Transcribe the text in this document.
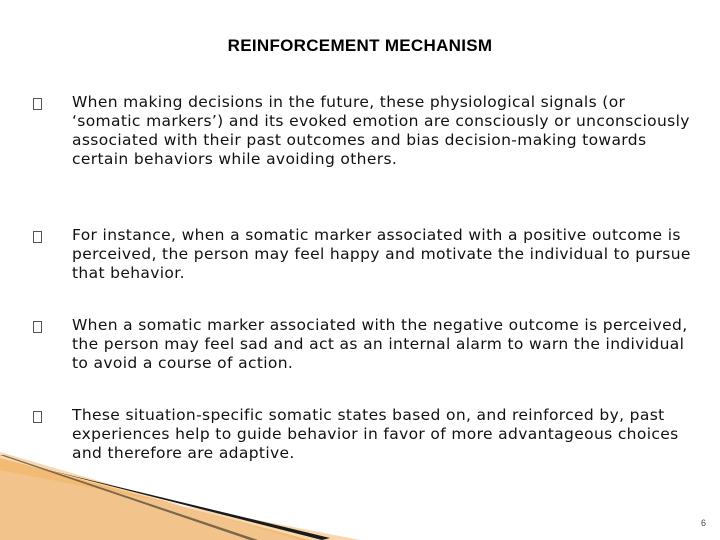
REINFORCEMENT MECHANISM
When making decisions in the future, these physiological signals (or ‘somatic markers’) and its evoked emotion are consciously or unconsciously associated with their past outcomes and bias decision-making towards certain behaviors while avoiding others.
For instance, when a somatic marker associated with a positive outcome is perceived, the person may feel happy and motivate the individual to pursue that behavior.
When a somatic marker associated with the negative outcome is perceived, the person may feel sad and act as an internal alarm to warn the individual to avoid a course of action.
These situation-specific somatic states based on, and reinforced by, past experiences help to guide behavior in favor of more advantageous choices and therefore are adaptive.
6
